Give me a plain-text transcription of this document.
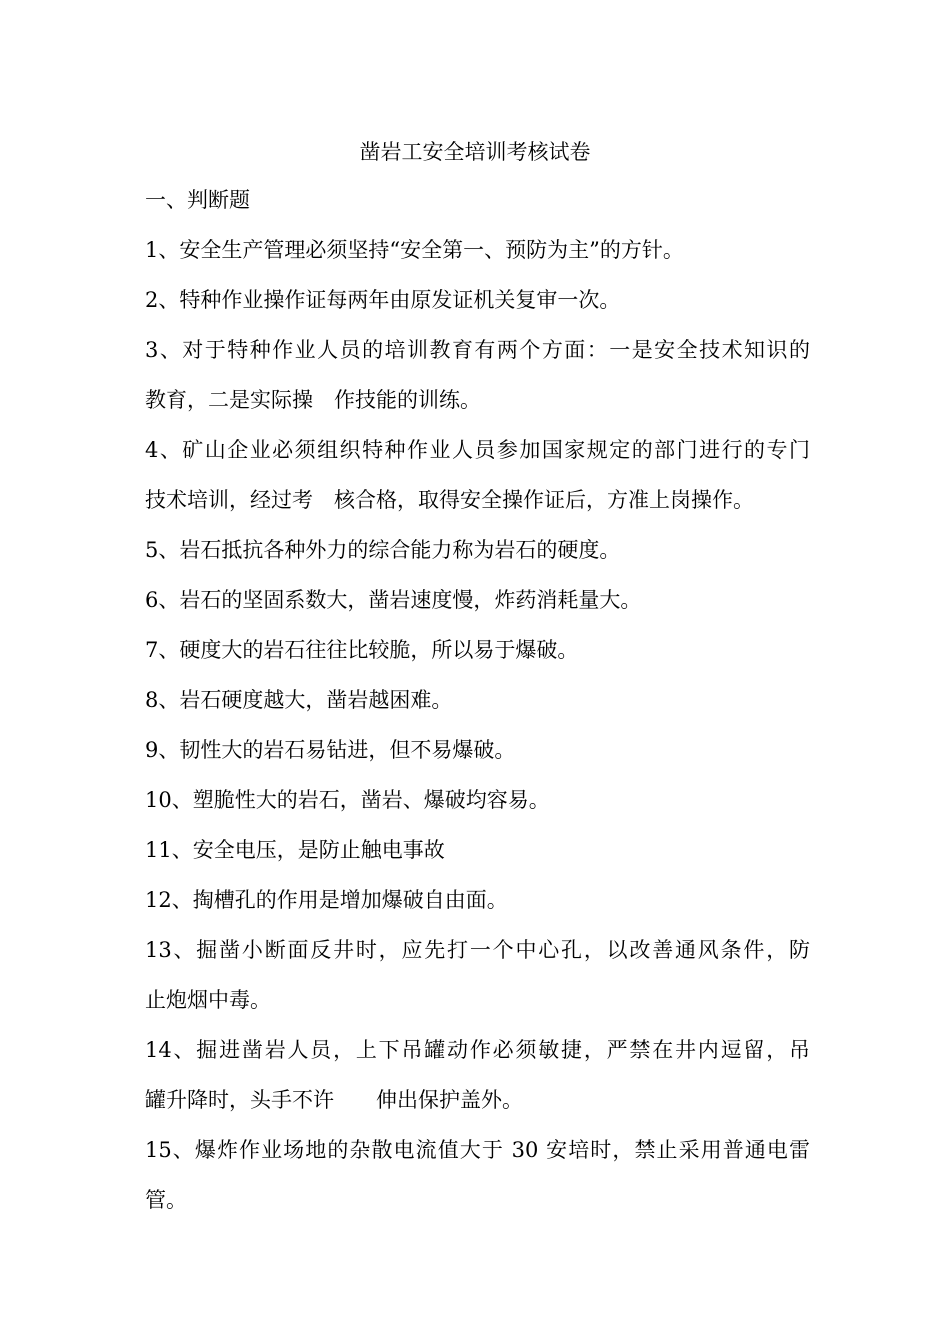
凿岩工安全培训考核试卷
一、判断题
1、安全生产管理必须坚持“安全第一、预防为主”的方针。
2、特种作业操作证每两年由原发证机关复审一次。
3、对于特种作业人员的培训教育有两个方面：一是安全技术知识的
教育，二是实际操　作技能的训练。
4、矿山企业必须组织特种作业人员参加国家规定的部门进行的专门
技术培训，经过考　核合格，取得安全操作证后，方准上岗操作。
5、岩石抵抗各种外力的综合能力称为岩石的硬度。
6、岩石的坚固系数大，凿岩速度慢，炸药消耗量大。
7、硬度大的岩石往往比较脆，所以易于爆破。
8、岩石硬度越大，凿岩越困难。
9、韧性大的岩石易钻进，但不易爆破。
10、塑脆性大的岩石，凿岩、爆破均容易。
11、安全电压，是防止触电事故
12、掏槽孔的作用是增加爆破自由面。
13、掘凿小断面反井时，应先打一个中心孔，以改善通风条件，防
止炮烟中毒。
14、掘进凿岩人员，上下吊罐动作必须敏捷，严禁在井内逗留，吊
罐升降时，头手不许　　伸出保护盖外。
15、爆炸作业场地的杂散电流值大于 30 安培时，禁止采用普通电雷
管。
